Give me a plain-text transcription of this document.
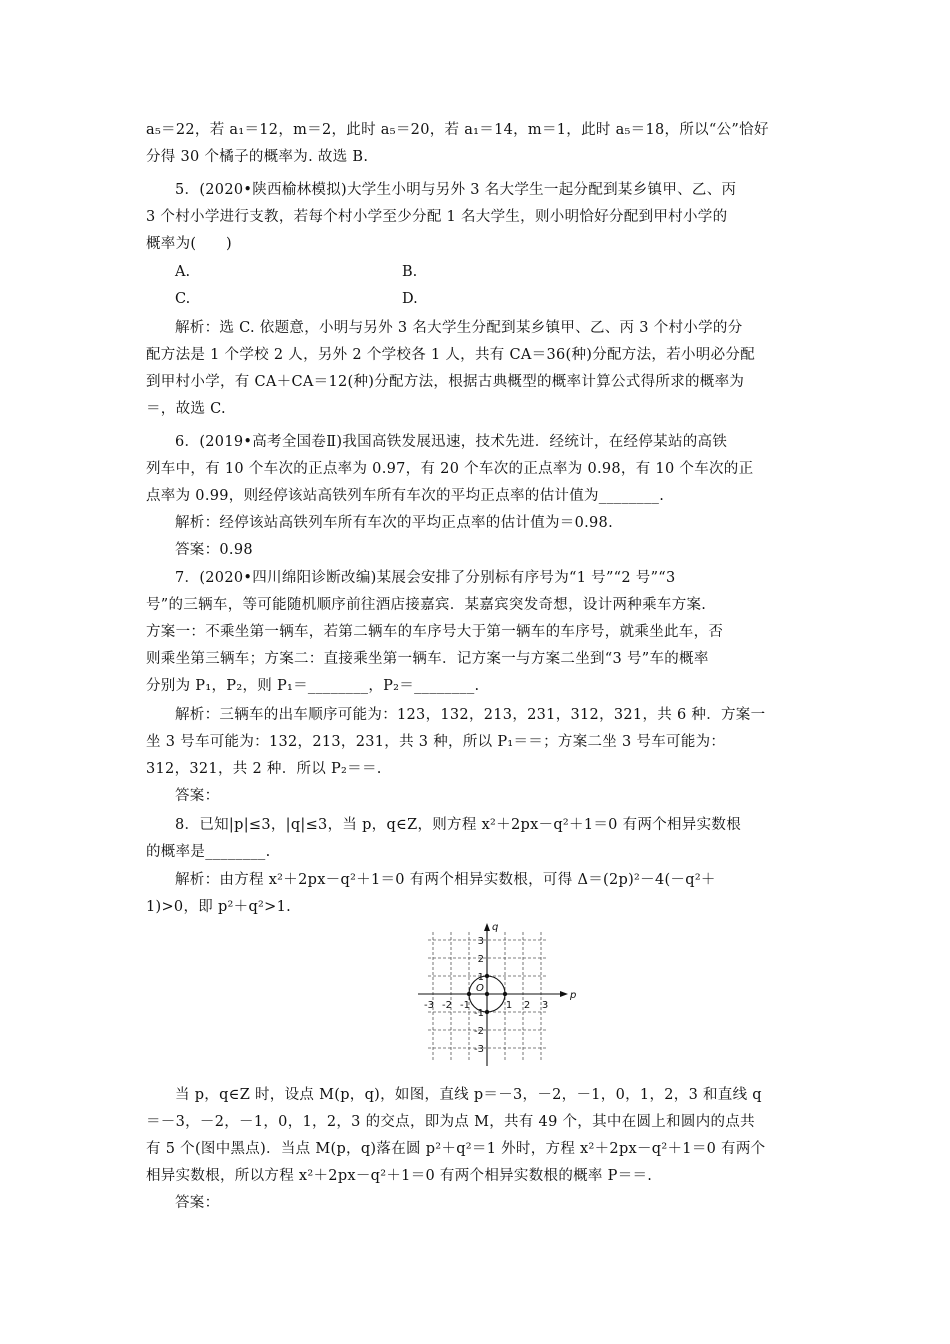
a₅＝22，若 a₁＝12，m＝2，此时 a₅＝20，若 a₁＝14，m＝1，此时 a₅＝18，所以“公”恰好
分得 30 个橘子的概率为. 故选 B.
5．(2020•陕西榆林模拟)大学生小明与另外 3 名大学生一起分配到某乡镇甲、乙、丙
3 个村小学进行支教，若每个村小学至少分配 1 名大学生，则小明恰好分配到甲村小学的
概率为(　　)
A.	B.
C.	D.
解析：选 C. 依题意，小明与另外 3 名大学生分配到某乡镇甲、乙、丙 3 个村小学的分
配方法是 1 个学校 2 人，另外 2 个学校各 1 人，共有 CA＝36(种)分配方法，若小明必分配
到甲村小学，有 CA＋CA＝12(种)分配方法，根据古典概型的概率计算公式得所求的概率为
＝，故选 C.
6．(2019•高考全国卷Ⅱ)我国高铁发展迅速，技术先进．经统计，在经停某站的高铁
列车中，有 10 个车次的正点率为 0.97，有 20 个车次的正点率为 0.98，有 10 个车次的正
点率为 0.99，则经停该站高铁列车所有车次的平均正点率的估计值为________.
解析：经停该站高铁列车所有车次的平均正点率的估计值为＝0.98.
答案：0.98
7．(2020•四川绵阳诊断改编)某展会安排了分别标有序号为“1 号”“2 号”“3
号”的三辆车，等可能随机顺序前往酒店接嘉宾．某嘉宾突发奇想，设计两种乘车方案.
方案一：不乘坐第一辆车，若第二辆车的车序号大于第一辆车的车序号，就乘坐此车，否
则乘坐第三辆车；方案二：直接乘坐第一辆车．记方案一与方案二坐到“3 号”车的概率
分别为 P₁，P₂，则 P₁＝________，P₂＝________.
解析：三辆车的出车顺序可能为：123，132，213，231，312，321，共 6 种．方案一
坐 3 号车可能为：132，213，231，共 3 种，所以 P₁＝＝；方案二坐 3 号车可能为：
312，321，共 2 种．所以 P₂＝＝.
答案：
8．已知|p|≤3，|q|≤3，当 p，q∈Z，则方程 x²＋2px－q²＋1＝0 有两个相异实数根
的概率是________.
解析：由方程 x²＋2px－q²＋1＝0 有两个相异实数根，可得 Δ＝(2p)²－4(－q²＋
1)>0，即 p²＋q²>1.
p
q
O
-3 -2 -1	1 2 3
3
2
1
-1
-2
-3
当 p，q∈Z 时，设点 M(p，q)，如图，直线 p＝－3，－2，－1，0，1，2，3 和直线 q
＝－3，－2，－1，0，1，2，3 的交点，即为点 M，共有 49 个，其中在圆上和圆内的点共
有 5 个(图中黑点)．当点 M(p，q)落在圆 p²＋q²＝1 外时，方程 x²＋2px－q²＋1＝0 有两个
相异实数根，所以方程 x²＋2px－q²＋1＝0 有两个相异实数根的概率 P＝＝.
答案：
